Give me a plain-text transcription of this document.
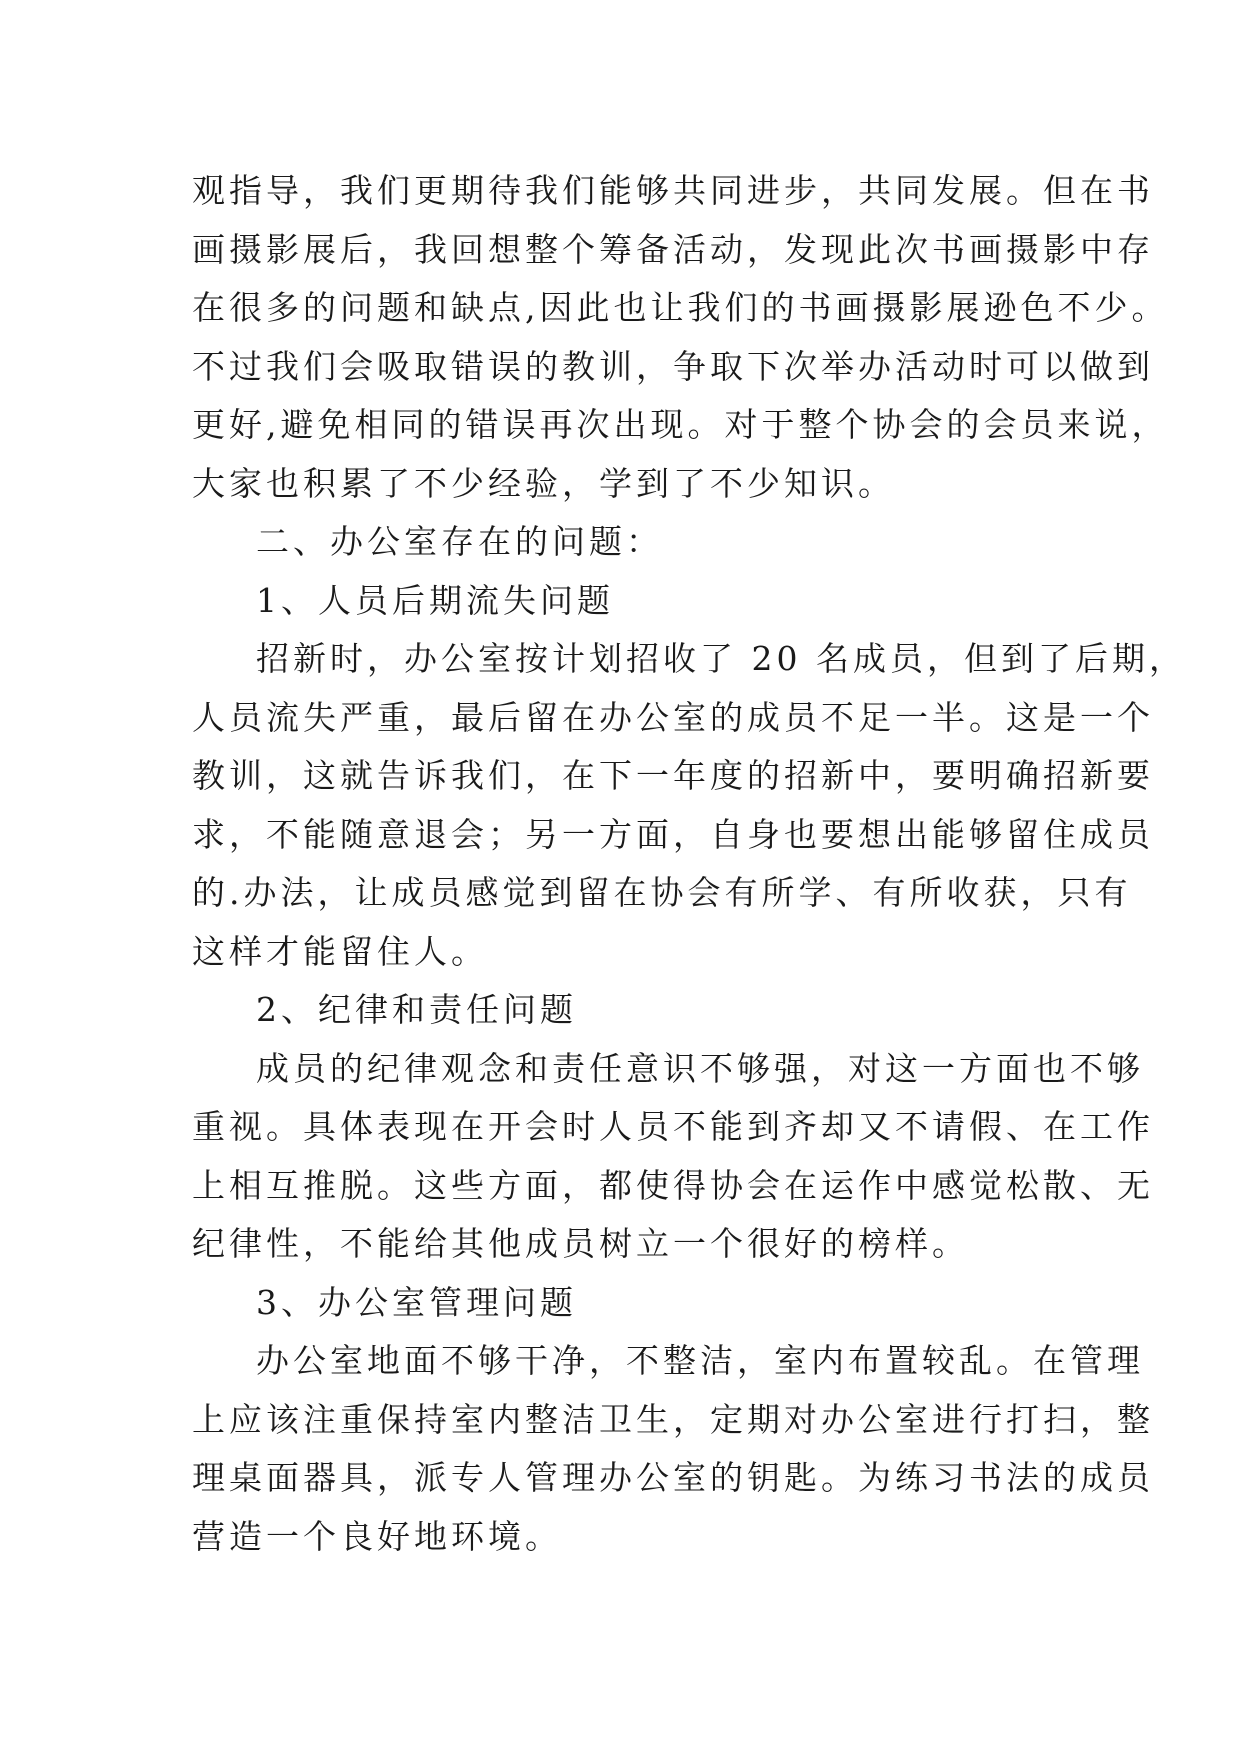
观指导，我们更期待我们能够共同进步，共同发展。但在书
画摄影展后，我回想整个筹备活动，发现此次书画摄影中存
在很多的问题和缺点,因此也让我们的书画摄影展逊色不少。
不过我们会吸取错误的教训，争取下次举办活动时可以做到
更好,避免相同的错误再次出现。对于整个协会的会员来说，
大家也积累了不少经验，学到了不少知识。
二、办公室存在的问题：
1、人员后期流失问题
招新时，办公室按计划招收了 20 名成员，但到了后期，
人员流失严重，最后留在办公室的成员不足一半。这是一个
教训，这就告诉我们，在下一年度的招新中，要明确招新要
求，不能随意退会；另一方面，自身也要想出能够留住成员
的.办法，让成员感觉到留在协会有所学、有所收获，只有
这样才能留住人。
2、纪律和责任问题
成员的纪律观念和责任意识不够强，对这一方面也不够
重视。具体表现在开会时人员不能到齐却又不请假、在工作
上相互推脱。这些方面，都使得协会在运作中感觉松散、无
纪律性，不能给其他成员树立一个很好的榜样。
3、办公室管理问题
办公室地面不够干净，不整洁，室内布置较乱。在管理
上应该注重保持室内整洁卫生，定期对办公室进行打扫，整
理桌面器具，派专人管理办公室的钥匙。为练习书法的成员
营造一个良好地环境。
